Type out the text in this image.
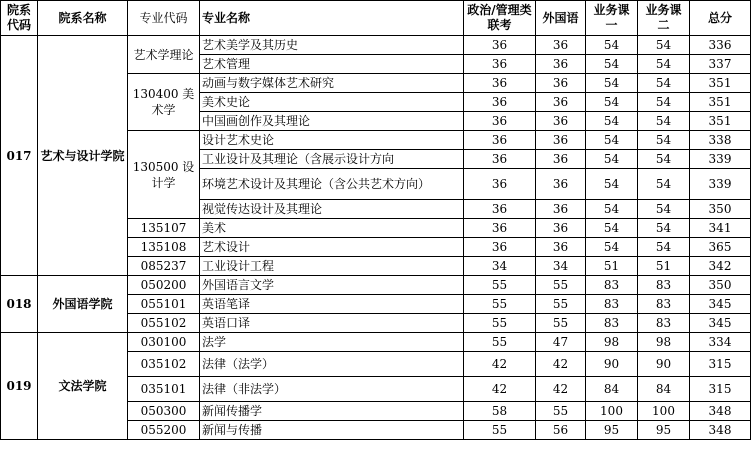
院系代码	院系名称	专业代码	专业名称	政治/管理类联考	外国语	业务课一	业务课二	总分
017	艺术与设计学院	艺术学理论	艺术美学及其历史	36	36	54	54	336
			艺术管理	36	36	54	54	337
		130400 美术学	动画与数字媒体艺术研究	36	36	54	54	351
			美术史论	36	36	54	54	351
			中国画创作及其理论	36	36	54	54	351
		130500 设计学	设计艺术史论	36	36	54	54	338
			工业设计及其理论（含展示设计方向	36	36	54	54	339
			环境艺术设计及其理论（含公共艺术方向）	36	36	54	54	339
			视觉传达设计及其理论	36	36	54	54	350
		135107	美术	36	36	54	54	341
		135108	艺术设计	36	36	54	54	365
		085237	工业设计工程	34	34	51	51	342
018	外国语学院	050200	外国语言文学	55	55	83	83	350
		055101	英语笔译	55	55	83	83	345
		055102	英语口译	55	55	83	83	345
019	文法学院	030100	法学	55	47	98	98	334
		035102	法律（法学）	42	42	90	90	315
		035101	法律（非法学）	42	42	84	84	315
		050300	新闻传播学	58	55	100	100	348
		055200	新闻与传播	55	56	95	95	348
